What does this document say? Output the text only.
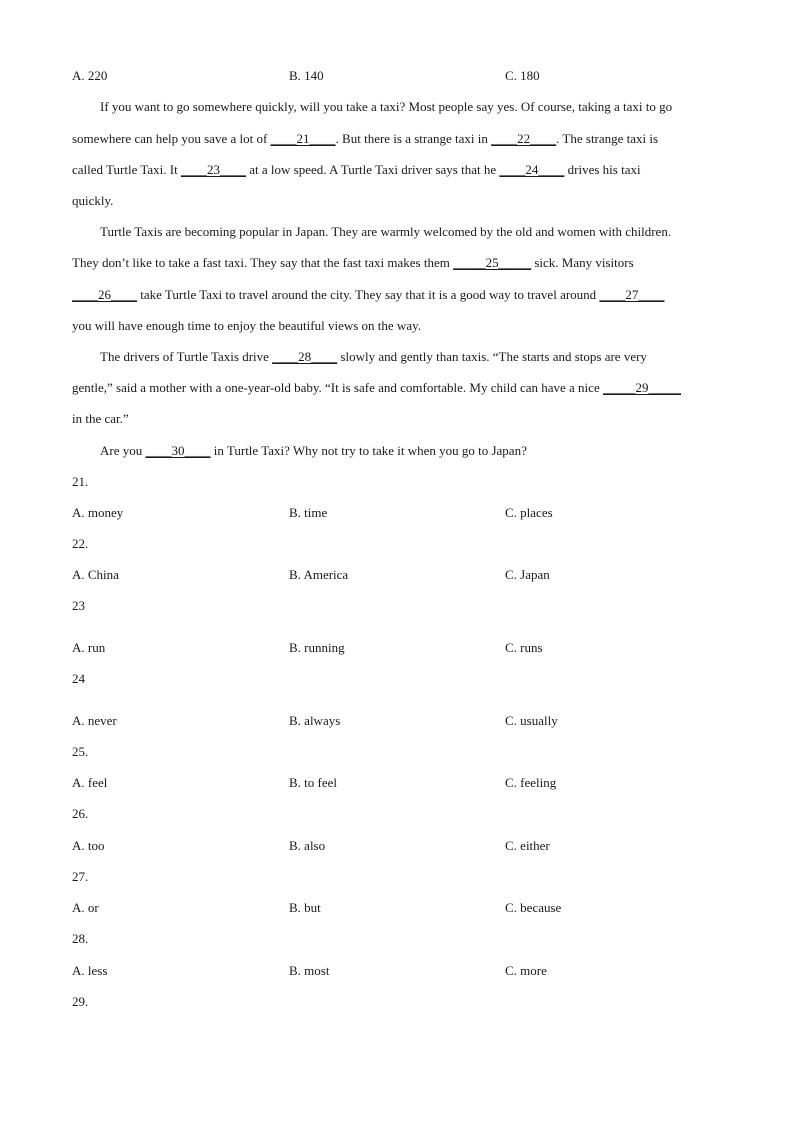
A. 220	B. 140	C. 180
If you want to go somewhere quickly, will you take a taxi? Most people say yes. Of course, taking a taxi to go
somewhere can help you save a lot of ____21____. But there is a strange taxi in ____22____. The strange taxi is
called Turtle Taxi. It ____23____ at a low speed. A Turtle Taxi driver says that he ____24____ drives his taxi
quickly.
Turtle Taxis are becoming popular in Japan. They are warmly welcomed by the old and women with children.
They don’t like to take a fast taxi. They say that the fast taxi makes them _____25_____ sick. Many visitors
____26____ take Turtle Taxi to travel around the city. They say that it is a good way to travel around ____27____
you will have enough time to enjoy the beautiful views on the way.
The drivers of Turtle Taxis drive ____28____ slowly and gently than taxis. “The starts and stops are very
gentle,” said a mother with a one-year-old baby. “It is safe and comfortable. My child can have a nice _____29_____
in the car.”
Are you ____30____ in Turtle Taxi? Why not try to take it when you go to Japan?
21.
A. money	B. time	C. places
22.
A. China	B. America	C. Japan
23
A. run	B. running	C. runs
24
A. never	B. always	C. usually
25.
A. feel	B. to feel	C. feeling
26.
A. too	B. also	C. either
27.
A. or	B. but	C. because
28.
A. less	B. most	C. more
29.
